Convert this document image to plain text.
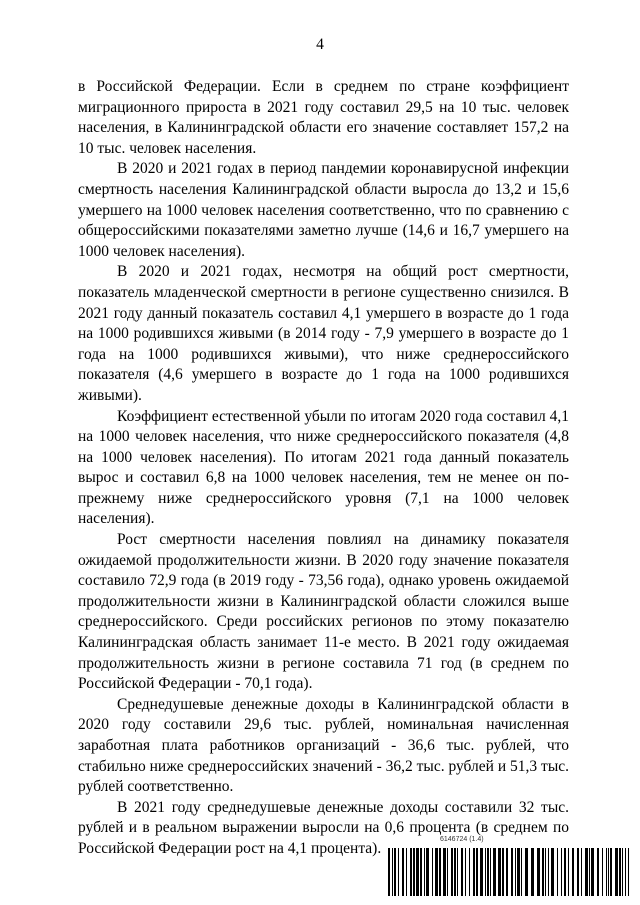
4

в Российской Федерации. Если в среднем по стране коэффициент миграционного прироста в 2021 году составил 29,5 на 10 тыс. человек населения, в Калининградской области его значение составляет 157,2 на 10 тыс. человек населения.

В 2020 и 2021 годах в период пандемии коронавирусной инфекции смертность населения Калининградской области выросла до 13,2 и 15,6 умершего на 1000 человек населения соответственно, что по сравнению с общероссийскими показателями заметно лучше (14,6 и 16,7 умершего на 1000 человек населения).

В 2020 и 2021 годах, несмотря на общий рост смертности, показатель младенческой смертности в регионе существенно снизился. В 2021 году данный показатель составил 4,1 умершего в возрасте до 1 года на 1000 родившихся живыми (в 2014 году - 7,9 умершего в возрасте до 1 года на 1000 родившихся живыми), что ниже среднероссийского показателя (4,6 умершего в возрасте до 1 года на 1000 родившихся живыми).

Коэффициент естественной убыли по итогам 2020 года составил 4,1 на 1000 человек населения, что ниже среднероссийского показателя (4,8 на 1000 человек населения). По итогам 2021 года данный показатель вырос и составил 6,8 на 1000 человек населения, тем не менее он по-прежнему ниже среднероссийского уровня (7,1 на 1000 человек населения).

Рост смертности населения повлиял на динамику показателя ожидаемой продолжительности жизни. В 2020 году значение показателя составило 72,9 года (в 2019 году - 73,56 года), однако уровень ожидаемой продолжительности жизни в Калининградской области сложился выше среднероссийского. Среди российских регионов по этому показателю Калининградская область занимает 11-е место. В 2021 году ожидаемая продолжительность жизни в регионе составила 71 год (в среднем по Российской Федерации - 70,1 года).

Среднедушевые денежные доходы в Калининградской области в 2020 году составили 29,6 тыс. рублей, номинальная начисленная заработная плата работников организаций - 36,6 тыс. рублей, что стабильно ниже среднероссийских значений - 36,2 тыс. рублей и 51,3 тыс. рублей соответственно.

В 2021 году среднедушевые денежные доходы составили 32 тыс. рублей и в реальном выражении выросли на 0,6 процента (в среднем по Российской Федерации рост на 4,1 процента).

6146724 (1.4)
